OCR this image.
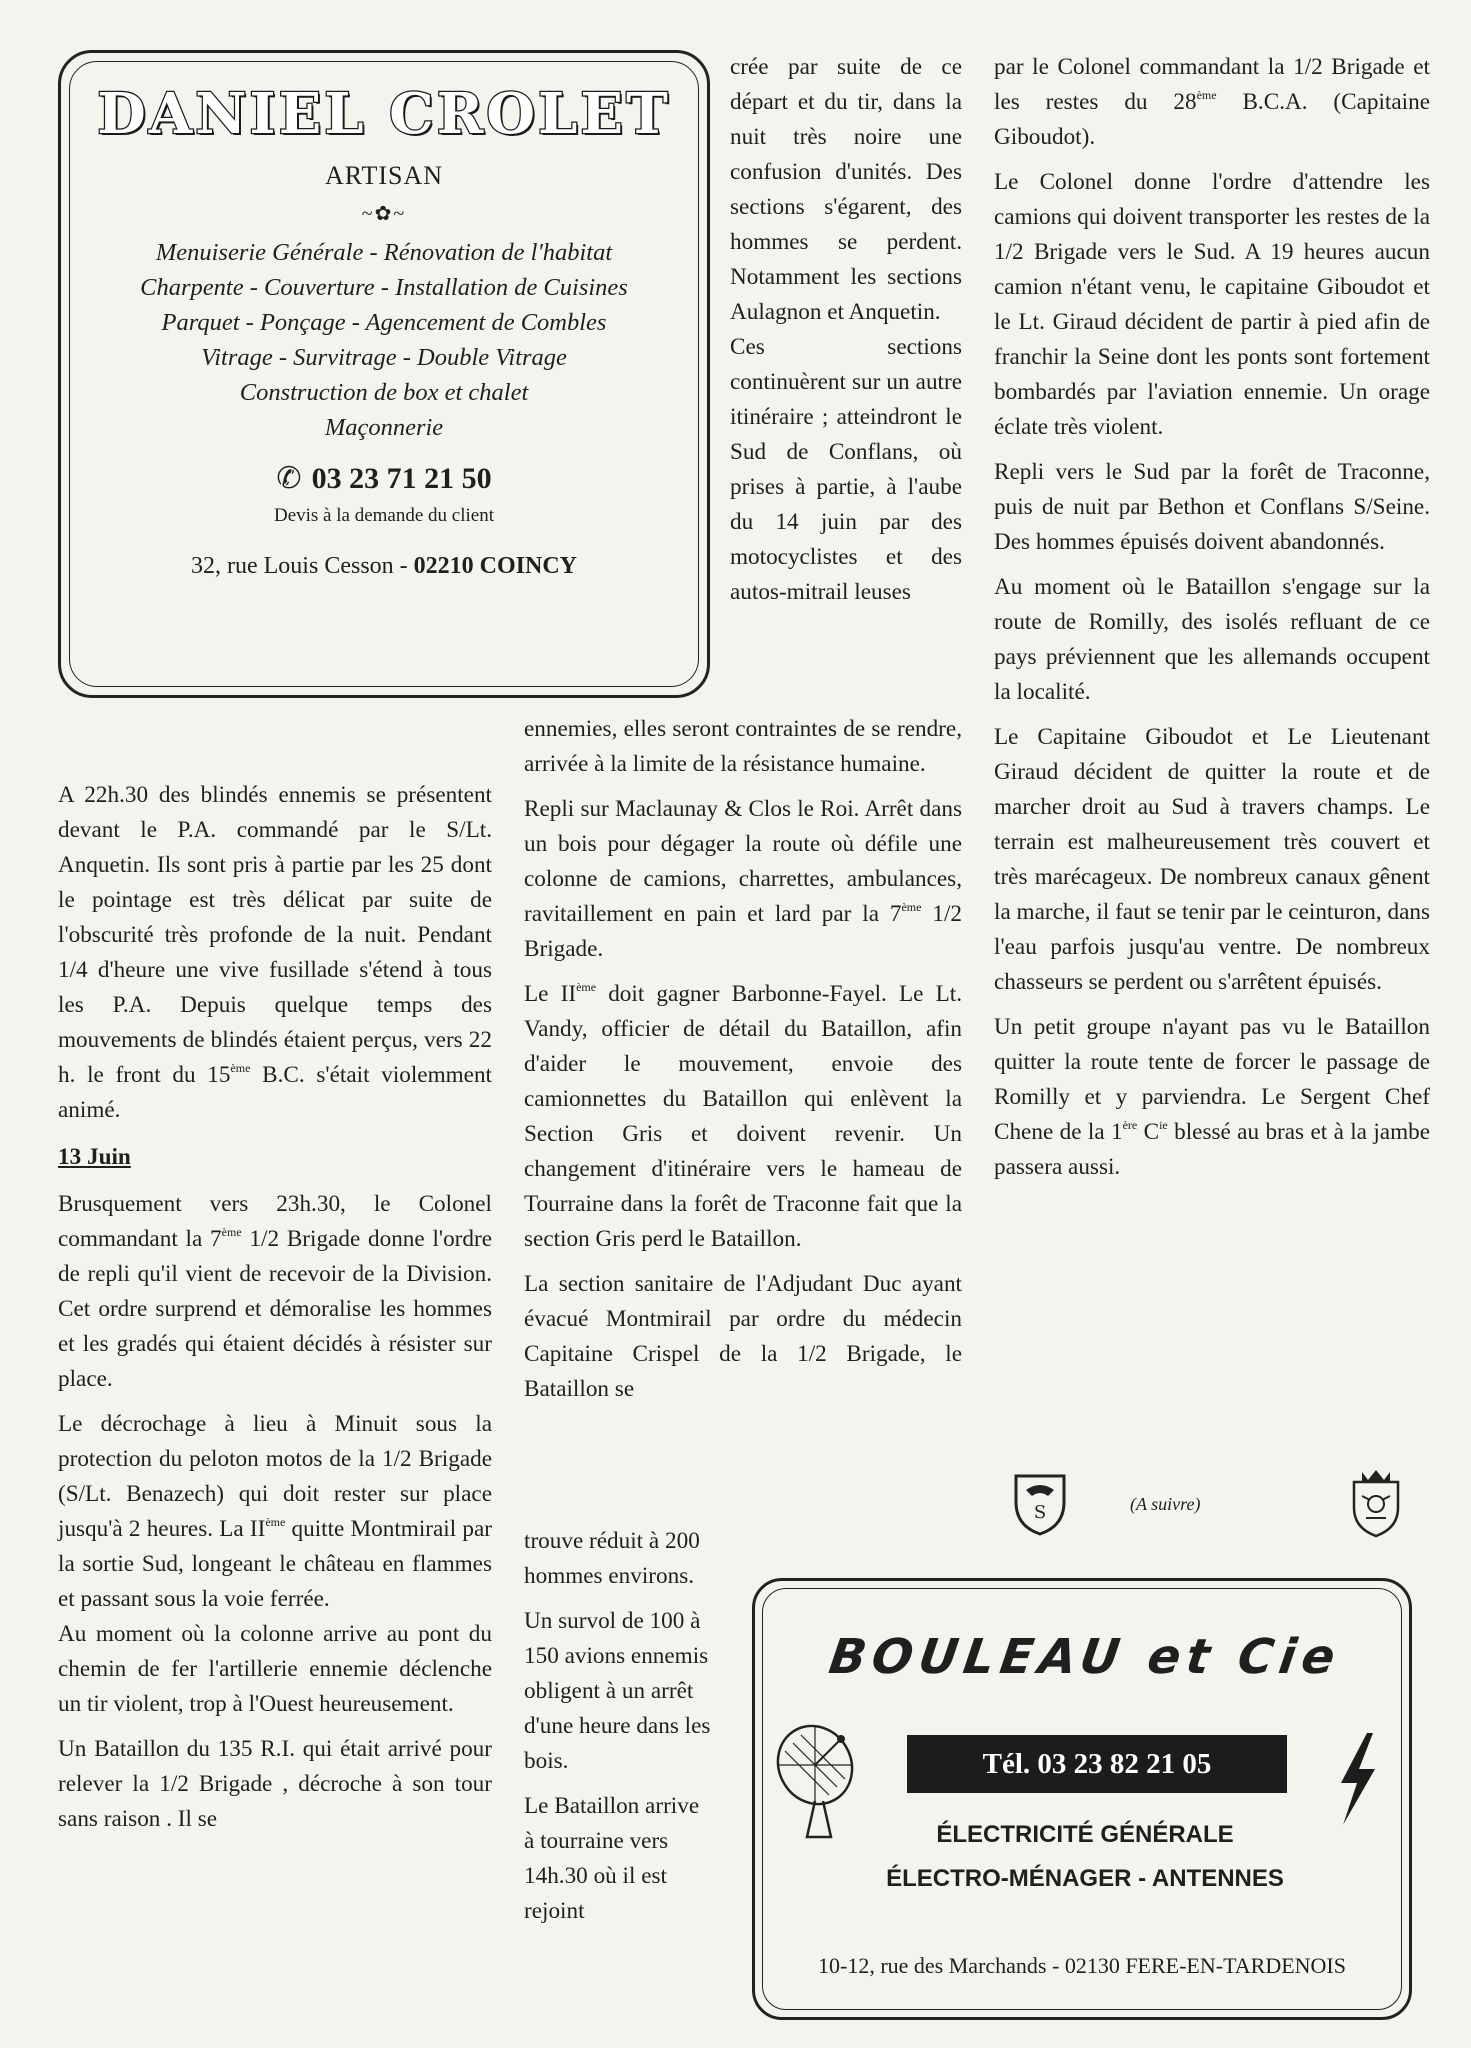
DANIEL CROLET
ARTISAN
~✿~
Menuiserie Générale - Rénovation de l'habitat
Charpente - Couverture - Installation de Cuisines
Parquet - Ponçage - Agencement de Combles
Vitrage - Survitrage - Double Vitrage
Construction de box et chalet
Maçonnerie
✆ 03 23 71 21 50
Devis à la demande du client
32, rue Louis Cesson - 02210 COINCY

A 22h.30 des blindés ennemis se présentent devant le P.A. commandé par le S/Lt. Anquetin. Ils sont pris à partie par les 25 dont le pointage est très délicat par suite de l'obscurité très profonde de la nuit. Pendant 1/4 d'heure une vive fusillade s'étend à tous les P.A. Depuis quelque temps des mouvements de blindés étaient perçus, vers 22 h. le front du 15ème B.C. s'était violemment animé.

13 Juin

Brusquement vers 23h.30, le Colonel commandant la 7ème 1/2 Brigade donne l'ordre de repli qu'il vient de recevoir de la Division. Cet ordre surprend et démoralise les hommes et les gradés qui étaient décidés à résister sur place.

Le décrochage à lieu à Minuit sous la protection du peloton motos de la 1/2 Brigade (S/Lt. Benazech) qui doit rester sur place jusqu'à 2 heures. La IIème quitte Montmirail par la sortie Sud, longeant le château en flammes et passant sous la voie ferrée.

Au moment où la colonne arrive au pont du chemin de fer l'artillerie ennemie déclenche un tir violent, trop à l'Ouest heureusement.

Un Bataillon du 135 R.I. qui était arrivé pour relever la 1/2 Brigade , décroche à son tour sans raison . Il se

crée par suite de ce départ et du tir, dans la nuit très noire une confusion d'unités. Des sections s'égarent, des hommes se perdent. Notamment les sections Aulagnon et Anquetin.

Ces sections continuèrent sur un autre itinéraire ; atteindront le Sud de Conflans, où prises à partie, à l'aube du 14 juin par des motocyclistes et des autos-mitrail leuses

ennemies, elles seront contraintes de se rendre, arrivée à la limite de la résistance humaine.

Repli sur Maclaunay & Clos le Roi. Arrêt dans un bois pour dégager la route où défile une colonne de camions, charrettes, ambulances, ravitaillement en pain et lard par la 7ème 1/2 Brigade.

Le IIème doit gagner Barbonne-Fayel. Le Lt. Vandy, officier de détail du Bataillon, afin d'aider le mouvement, envoie des camionnettes du Bataillon qui enlèvent la Section Gris et doivent revenir. Un changement d'itinéraire vers le hameau de Tourraine dans la forêt de Traconne fait que la section Gris perd le Bataillon.

La section sanitaire de l'Adjudant Duc ayant évacué Montmirail par ordre du médecin Capitaine Crispel de la 1/2 Brigade, le Bataillon se

trouve réduit à 200 hommes environs.

Un survol de 100 à 150 avions ennemis obligent à un arrêt d'une heure dans les bois.

Le Bataillon arrive à tourraine vers 14h.30 où il est rejoint

par le Colonel commandant la 1/2 Brigade et les restes du 28ème B.C.A. (Capitaine Giboudot).

Le Colonel donne l'ordre d'attendre les camions qui doivent transporter les restes de la 1/2 Brigade vers le Sud. A 19 heures aucun camion n'étant venu, le capitaine Giboudot et le Lt. Giraud décident de partir à pied afin de franchir la Seine dont les ponts sont fortement bombardés par l'aviation ennemie. Un orage éclate très violent.

Repli vers le Sud par la forêt de Traconne, puis de nuit par Bethon et Conflans S/Seine. Des hommes épuisés doivent abandonnés.

Au moment où le Bataillon s'engage sur la route de Romilly, des isolés refluant de ce pays préviennent que les allemands occupent la localité.

Le Capitaine Giboudot et Le Lieutenant Giraud décident de quitter la route et de marcher droit au Sud à travers champs. Le terrain est malheureusement très couvert et très marécageux. De nombreux canaux gênent la marche, il faut se tenir par le ceinturon, dans l'eau parfois jusqu'au ventre. De nombreux chasseurs se perdent ou s'arrêtent épuisés.

Un petit groupe n'ayant pas vu le Bataillon quitter la route tente de forcer le passage de Romilly et y parviendra. Le Sergent Chef Chene de la 1ère $C^{ie}$ blessé au bras et à la jambe passera aussi.

S	(A suivre)
BOULEAU et Cie
Tél. 03 23 82 21 05
ÉLECTRICITÉ GÉNÉRALE
ÉLECTRO-MÉNAGER - ANTENNES
10-12, rue des Marchands - 02130 FERE-EN-TARDENOIS
